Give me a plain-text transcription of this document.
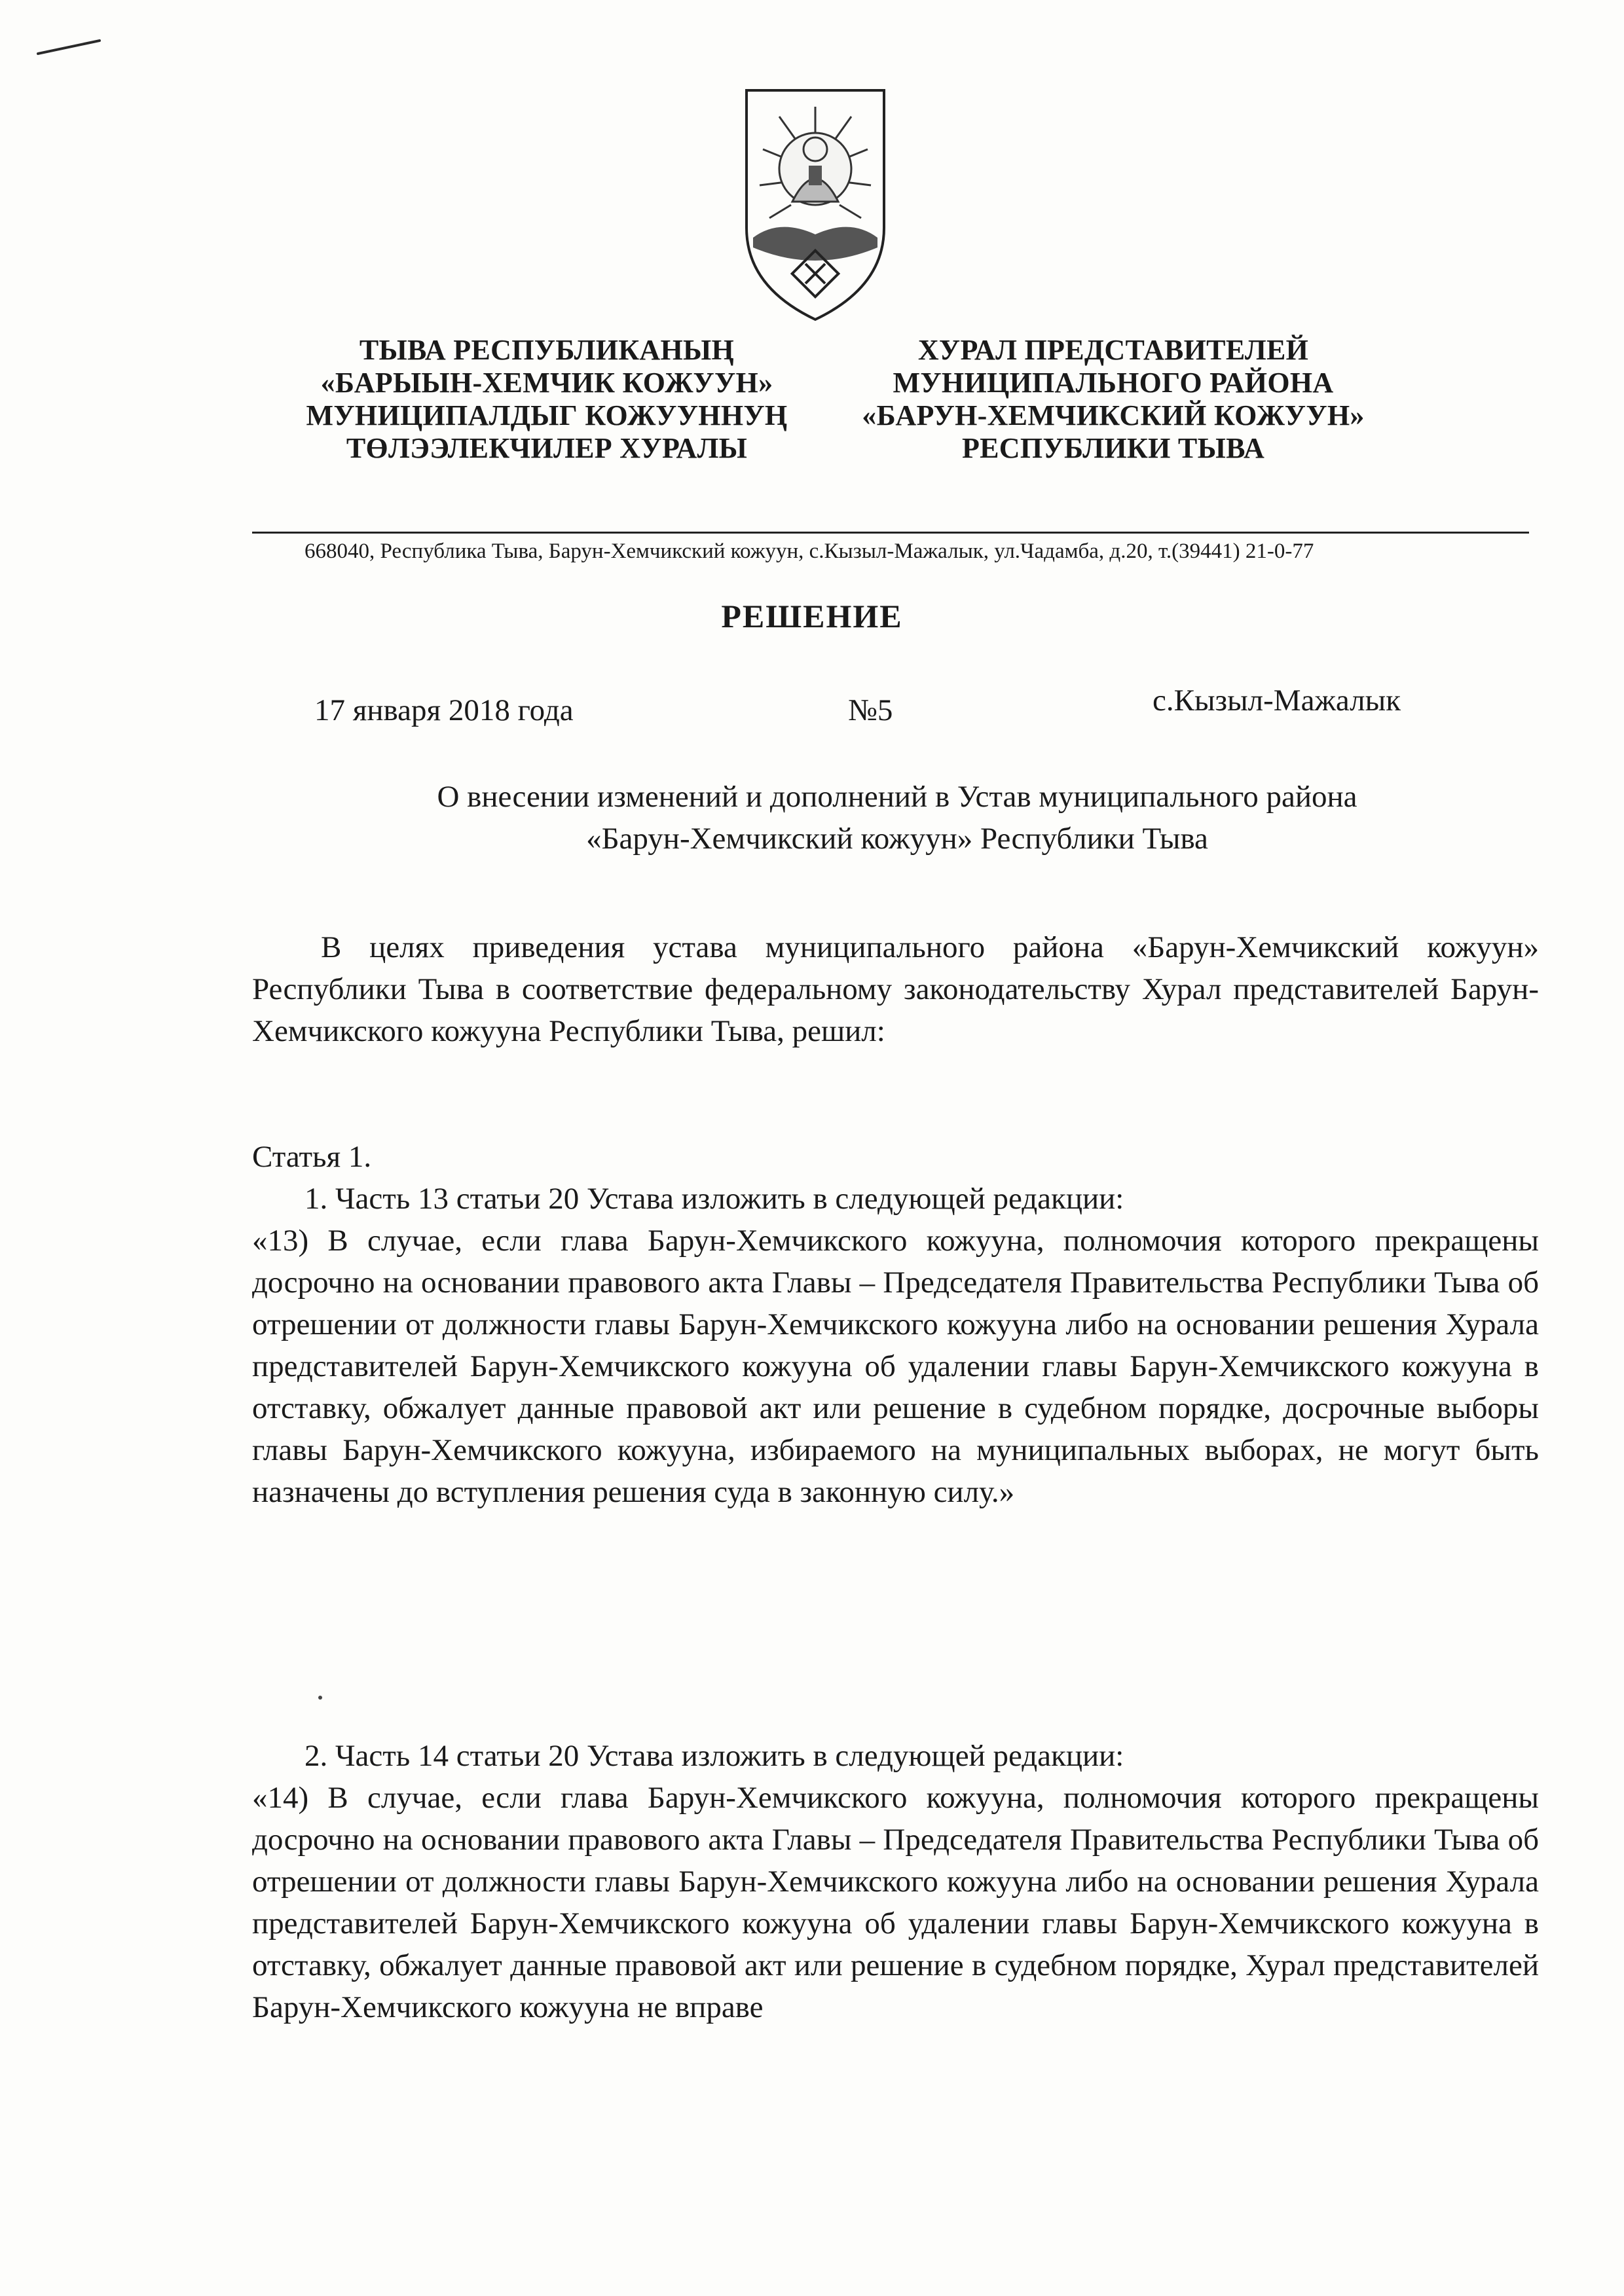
ТЫВА РЕСПУБЛИКАНЫҢ
«БАРЫЫН-ХЕМЧИК КОЖУУН»
МУНИЦИПАЛДЫГ КОЖУУННУҢ
ТӨЛЭЭЛЕКЧИЛЕР ХУРАЛЫ
ХУРАЛ ПРЕДСТАВИТЕЛЕЙ
МУНИЦИПАЛЬНОГО РАЙОНА
«БАРУН-ХЕМЧИКСКИЙ КОЖУУН»
РЕСПУБЛИКИ ТЫВА
668040, Республика Тыва, Барун-Хемчикский кожуун, с.Кызыл-Мажалык, ул.Чадамба, д.20, т.(39441) 21-0-77
РЕШЕНИЕ
17 января 2018 года	№5	с.Кызыл-Мажалык
О внесении изменений и дополнений в Устав муниципального района
«Барун-Хемчикский кожуун» Республики Тыва
В целях приведения устава муниципального района «Барун-Хемчикский кожуун» Республики Тыва в соответствие федеральному законодательству Хурал представителей Барун-Хемчикского кожууна Республики Тыва, решил:
Статья 1.
1. Часть 13 статьи 20 Устава изложить в следующей редакции:
«13) В случае, если глава Барун-Хемчикского кожууна, полномочия которого прекращены досрочно на основании правового акта Главы – Председателя Правительства Республики Тыва об отрешении от должности главы Барун-Хемчикского кожууна либо на основании решения Хурала представителей Барун-Хемчикского кожууна об удалении главы Барун-Хемчикского кожууна в отставку, обжалует данные правовой акт или решение в судебном порядке, досрочные выборы главы Барун-Хемчикского кожууна, избираемого на муниципальных выборах, не могут быть назначены до вступления решения суда в законную силу.»
2. Часть 14 статьи 20 Устава изложить в следующей редакции:
«14) В случае, если глава Барун-Хемчикского кожууна, полномочия которого прекращены досрочно на основании правового акта Главы – Председателя Правительства Республики Тыва об отрешении от должности главы Барун-Хемчикского кожууна либо на основании решения Хурала представителей Барун-Хемчикского кожууна об удалении главы Барун-Хемчикского кожууна в отставку, обжалует данные правовой акт или решение в судебном порядке, Хурал представителей Барун-Хемчикского кожууна не вправе
